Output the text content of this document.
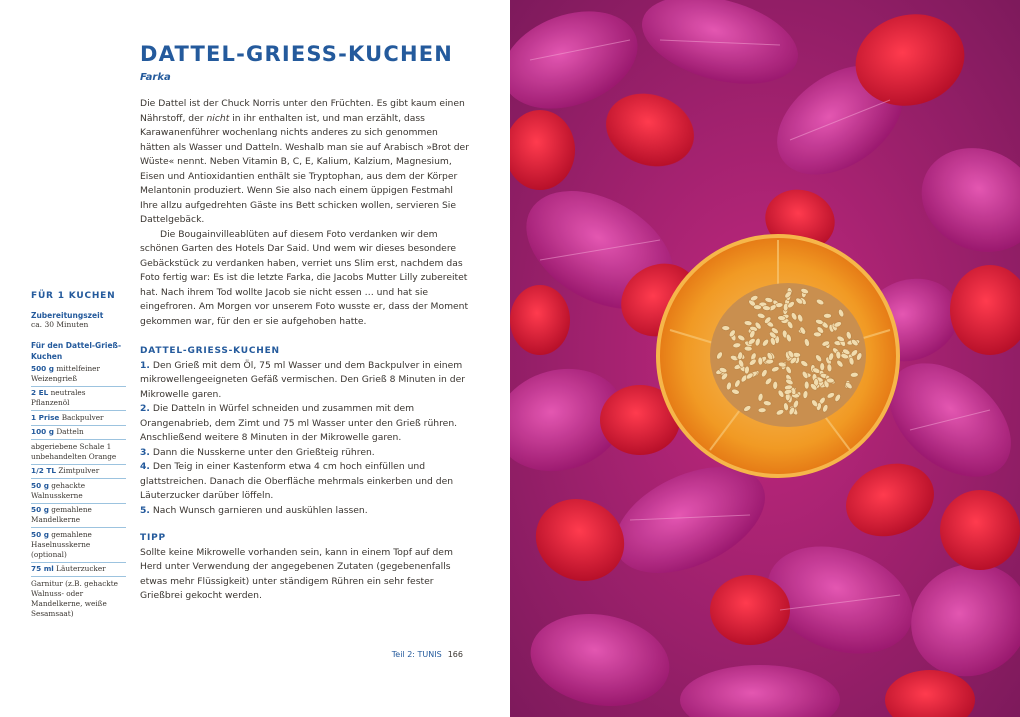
DATTEL-GRIESS-KUCHEN
Farka

Die Dattel ist der Chuck Norris unter den Früchten. Es gibt kaum einen Nährstoff, der nicht in ihr enthalten ist, und man erzählt, dass Karawanenführer wochenlang nichts anderes zu sich genommen hätten als Wasser und Datteln. Weshalb man sie auf Arabisch »Brot der Wüste« nennt. Neben Vitamin B, C, E, Kalium, Kalzium, Magnesium, Eisen und Antioxidantien enthält sie Tryptophan, aus dem der Körper Melantonin produziert. Wenn Sie also nach einem üppigen Festmahl Ihre allzu aufgedrehten Gäste ins Bett schicken wollen, servieren Sie Dattelgebäck.

Die Bougainvilleablüten auf diesem Foto verdanken wir dem schönen Garten des Hotels Dar Said. Und wem wir dieses besondere Gebäckstück zu verdanken haben, verriet uns Slim erst, nachdem das Foto fertig war: Es ist die letzte Farka, die Jacobs Mutter Lilly zubereitet hat. Nach ihrem Tod wollte Jacob sie nicht essen … und hat sie eingefroren. Am Morgen vor unserem Foto wusste er, dass der Moment gekommen war, für den er sie aufgehoben hatte.

DATTEL-GRIESS-KUCHEN
1. Den Grieß mit dem Öl, 75 ml Wasser und dem Backpulver in einem mikrowellengeeigneten Gefäß vermischen. Den Grieß 8 Minuten in der Mikrowelle garen.
2. Die Datteln in Würfel schneiden und zusammen mit dem Orangenabrieb, dem Zimt und 75 ml Wasser unter den Grieß rühren. Anschließend weitere 8 Minuten in der Mikrowelle garen.
3. Dann die Nusskerne unter den Grießteig rühren.
4. Den Teig in einer Kastenform etwa 4 cm hoch einfüllen und glattstreichen. Danach die Oberfläche mehrmals einkerben und den Läuterzucker darüber löffeln.
5. Nach Wunsch garnieren und auskühlen lassen.
TIPP

Sollte keine Mikrowelle vorhanden sein, kann in einem Topf auf dem Herd unter Verwendung der angegebenen Zutaten (gegebenenfalls etwas mehr Flüssigkeit) unter ständigem Rühren ein sehr fester Grießbrei gekocht werden.

FÜR 1 KUCHEN
Zubereitungszeit
ca. 30 Minuten
Für den Dattel-Grieß-Kuchen
500 g mittelfeiner Weizengrieß
2 EL neutrales Pflanzenöl
1 Prise Backpulver
100 g Datteln
abgeriebene Schale 1 unbehandelten Orange
1/2 TL Zimtpulver
50 g gehackte Walnusskerne
50 g gemahlene Mandelkerne
50 g gemahlene Haselnusskerne (optional)
75 ml Läuterzucker
Garnitur (z.B. gehackte Walnuss- oder Mandelkerne, weiße Sesamsaat)
Teil 2: TUNIS 166
